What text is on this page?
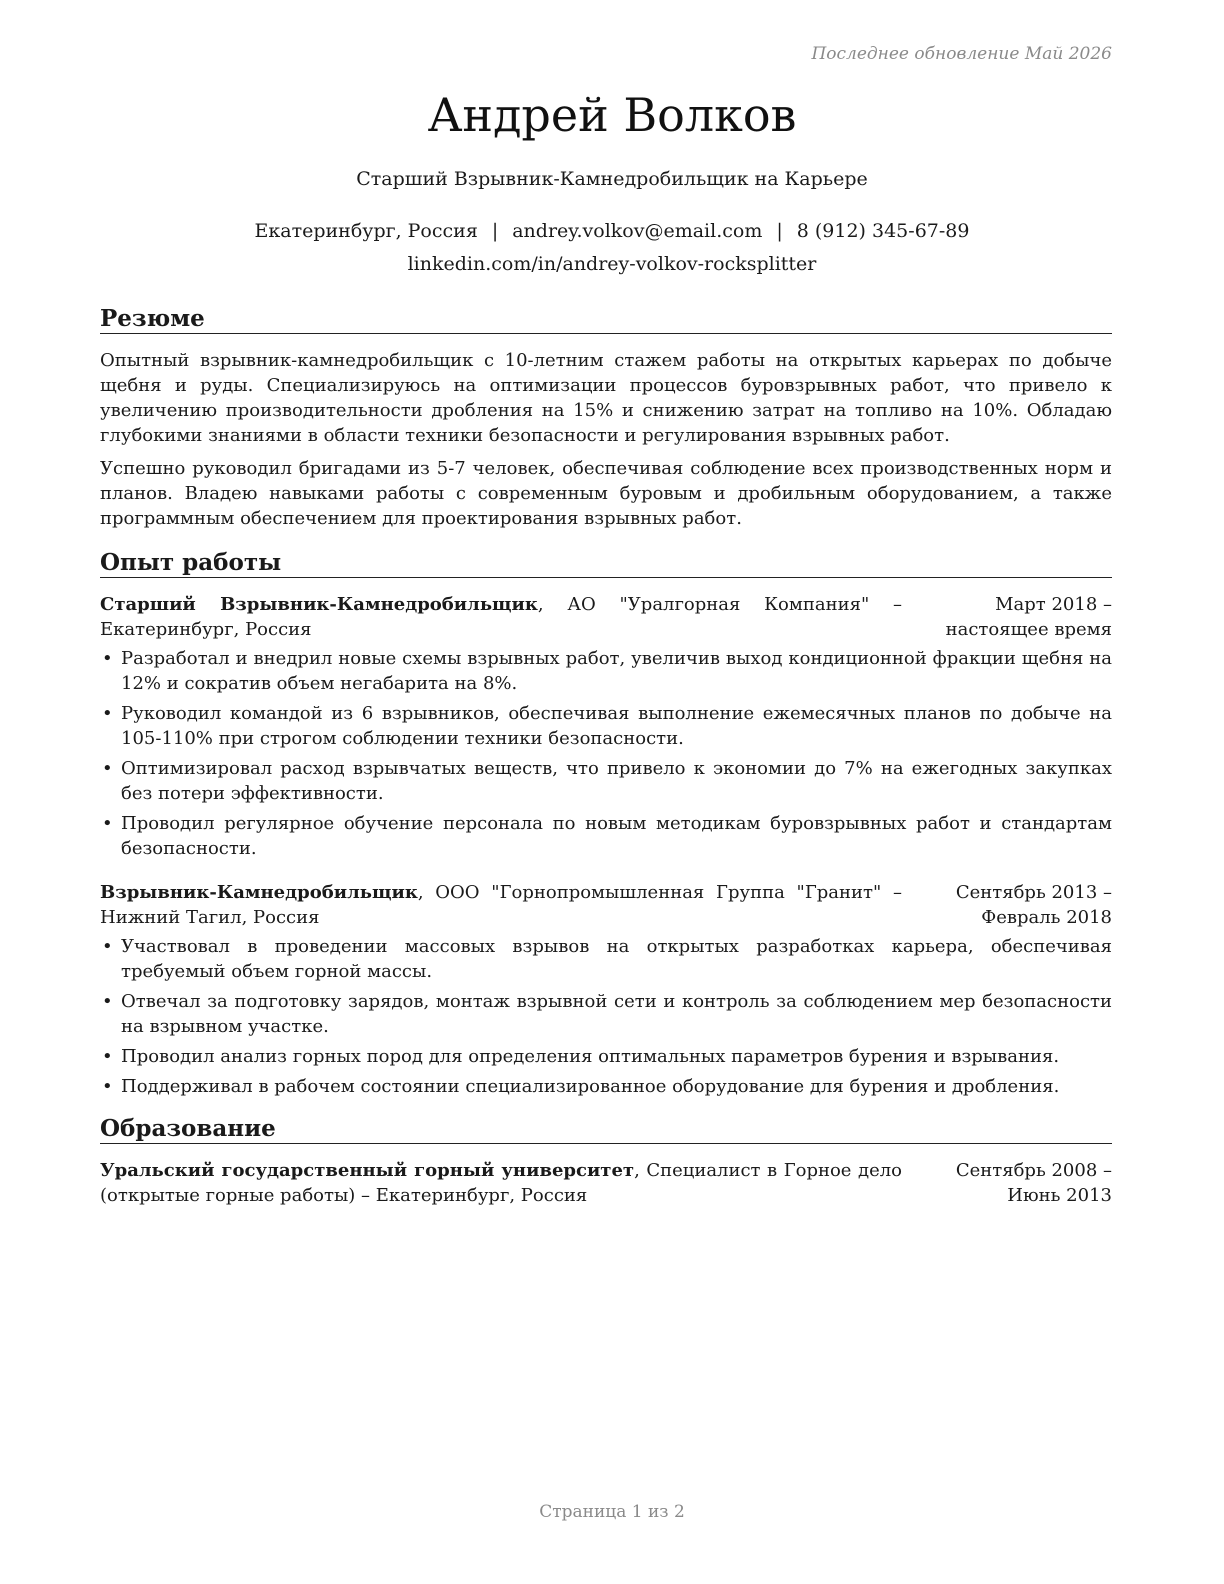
Последнее обновление Май 2026
Андрей Волков
Старший Взрывник-Камнедробильщик на Карьере
Екатеринбург, Россия | andrey.volkov@email.com | 8 (912) 345-67-89
linkedin.com/in/andrey-volkov-rocksplitter
Резюме

Опытный взрывник-камнедробильщик с 10-летним стажем работы на открытых карьерах по добыче щебня и руды. Специализируюсь на оптимизации процессов буровзрывных работ, что привело к увеличению производительности дробления на 15% и снижению затрат на топливо на 10%. Обладаю глубокими знаниями в области техники безопасности и регулирования взрывных работ.

Успешно руководил бригадами из 5-7 человек, обеспечивая соблюдение всех производственных норм и планов. Владею навыками работы с современным буровым и дробильным оборудованием, а также программным обеспечением для проектирования взрывных работ.

Опыт работы
Старший Взрывник-Камнедробильщик, АО "Уралгорная Компания" – Екатеринбург, Россия
Март 2018 – настоящее время
• Разработал и внедрил новые схемы взрывных работ, увеличив выход кондиционной фракции щебня на 12% и сократив объем негабарита на 8%.
• Руководил командой из 6 взрывников, обеспечивая выполнение ежемесячных планов по добыче на 105-110% при строгом соблюдении техники безопасности.
• Оптимизировал расход взрывчатых веществ, что привело к экономии до 7% на ежегодных закупках без потери эффективности.
• Проводил регулярное обучение персонала по новым методикам буровзрывных работ и стандартам безопасности.
Взрывник-Камнедробильщик, ООО "Горнопромышленная Группа "Гранит" – Нижний Тагил, Россия
Сентябрь 2013 – Февраль 2018
• Участвовал в проведении массовых взрывов на открытых разработках карьера, обеспечивая требуемый объем горной массы.
• Отвечал за подготовку зарядов, монтаж взрывной сети и контроль за соблюдением мер безопасности на взрывном участке.
• Проводил анализ горных пород для определения оптимальных параметров бурения и взрывания.
• Поддерживал в рабочем состоянии специализированное оборудование для бурения и дробления.
Образование
Уральский государственный горный университет, Специалист в Горное дело (открытые горные работы) – Екатеринбург, Россия
Сентябрь 2008 – Июнь 2013
Страница 1 из 2
